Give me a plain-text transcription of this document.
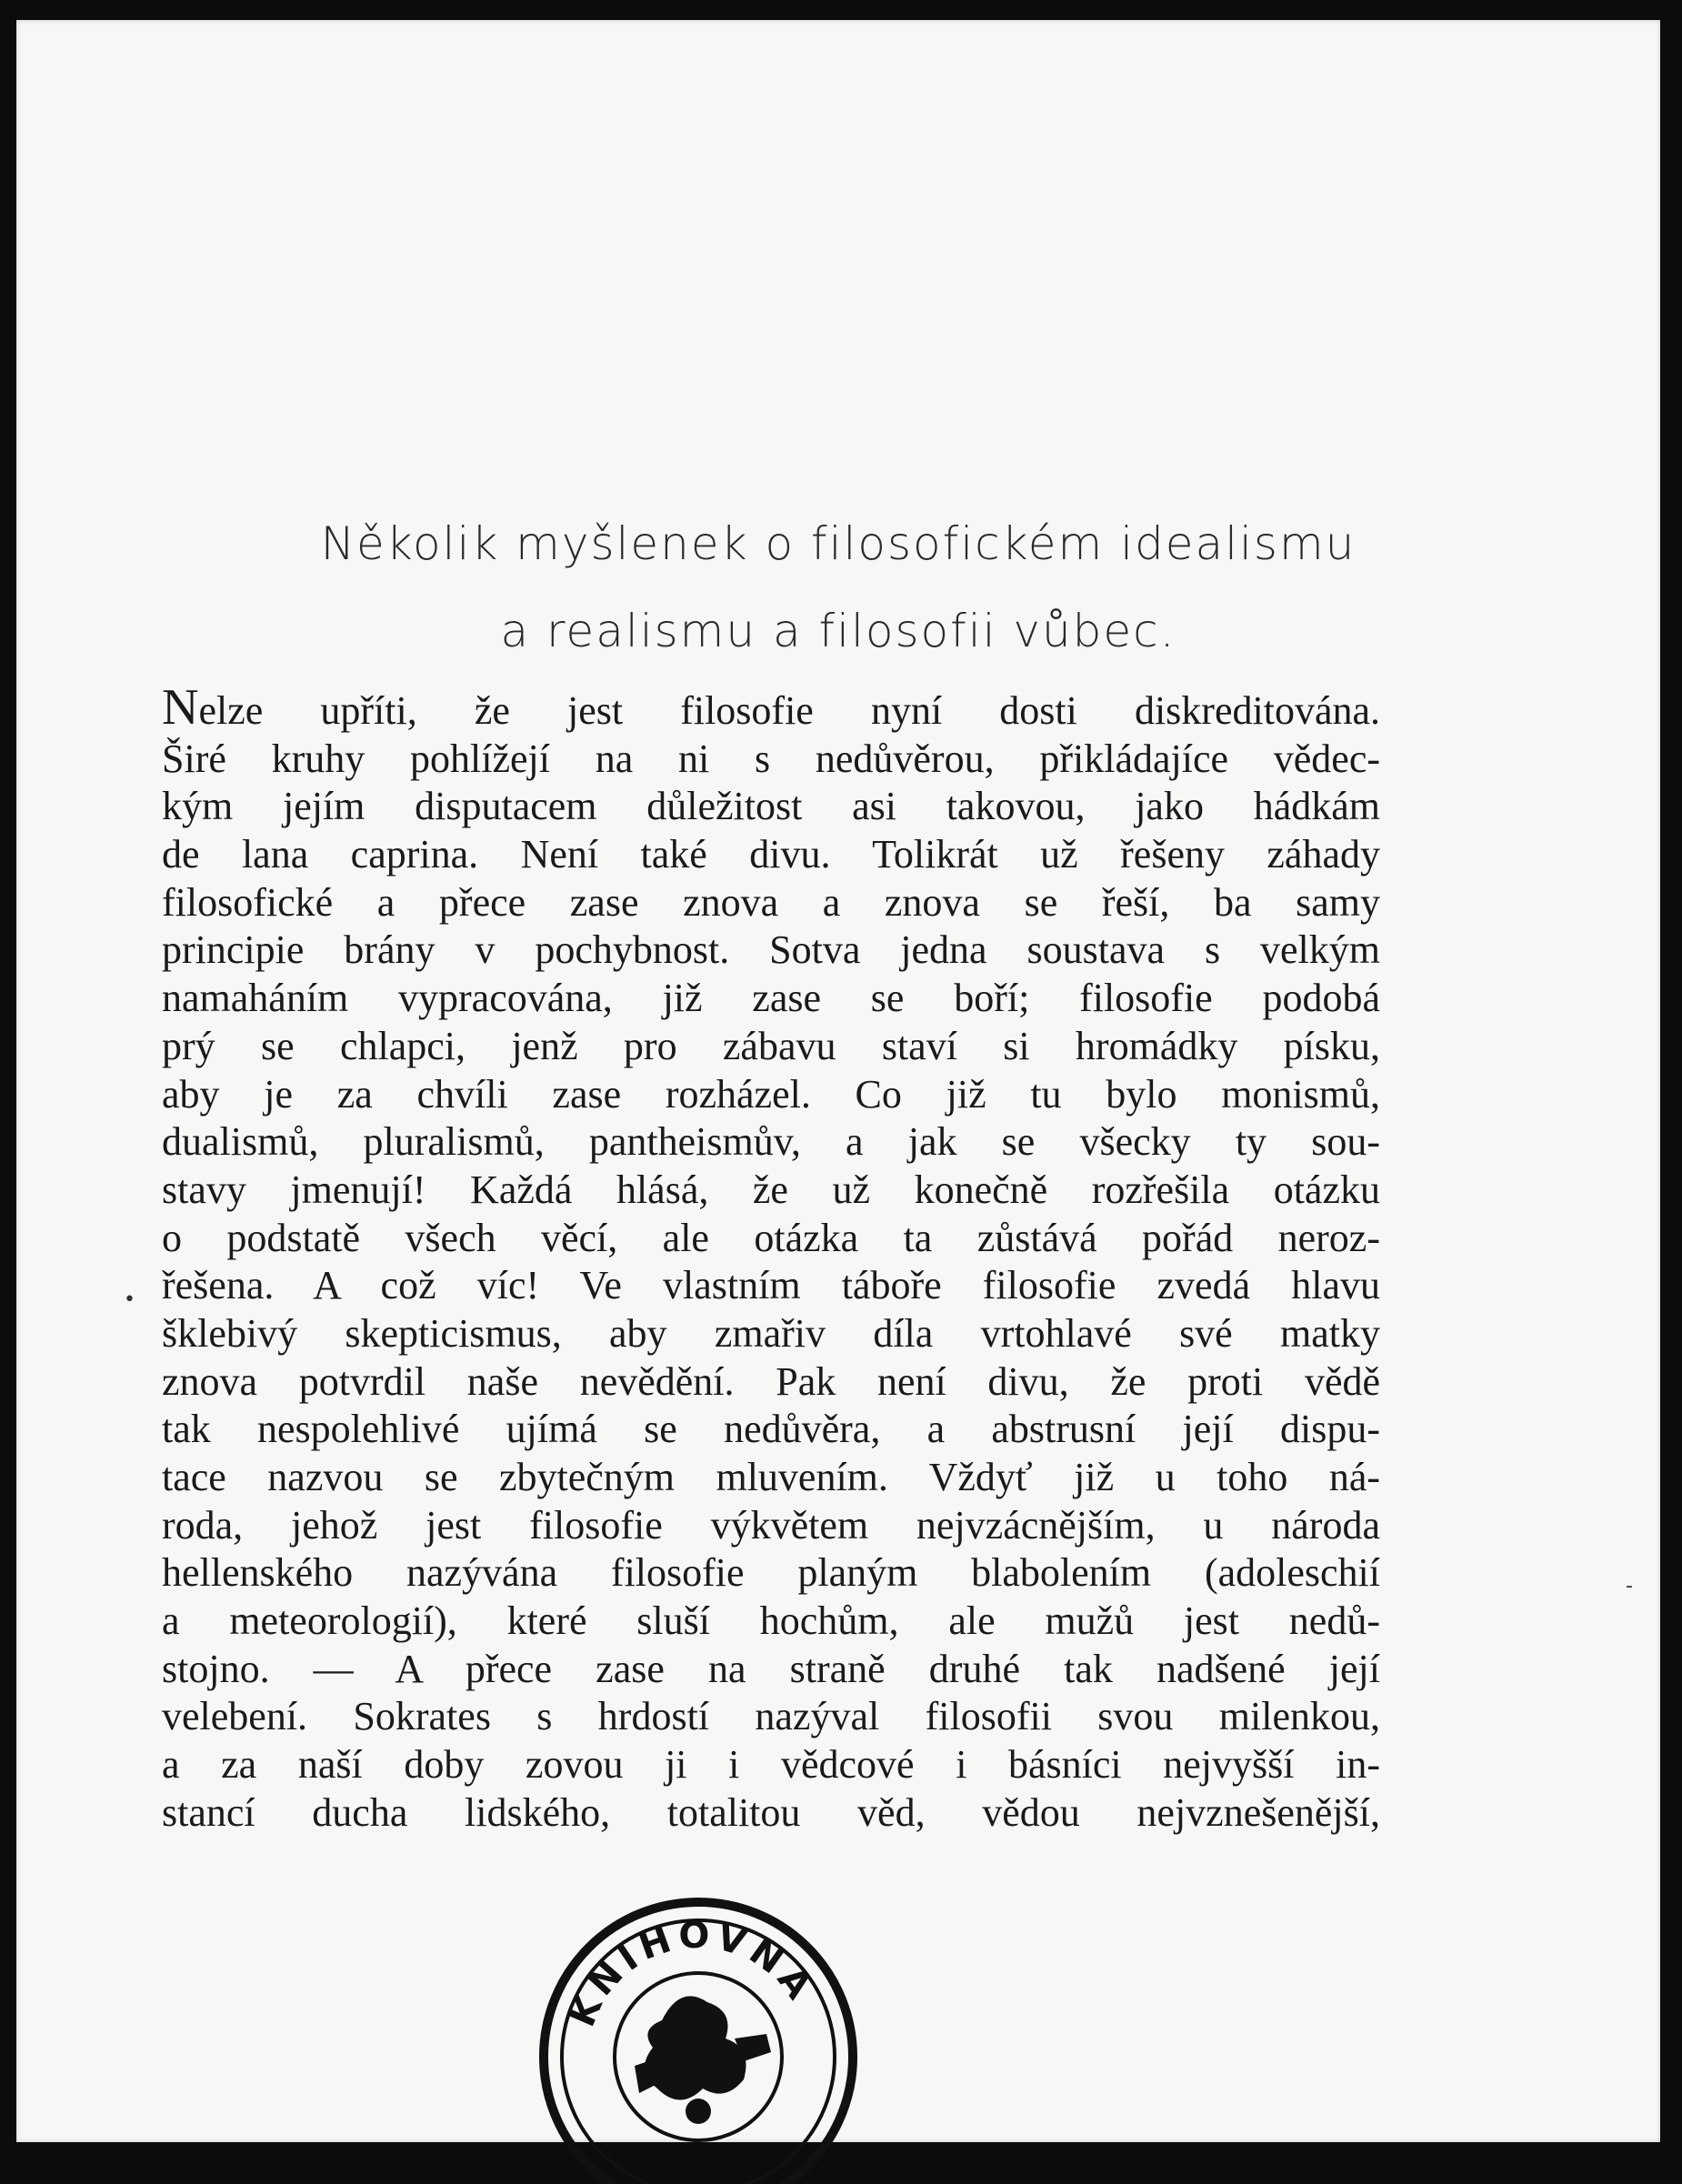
Několik myšlenek o filosofickém idealismu
a realismu a filosofii vůbec.
Nelze upříti, že jest filosofie nyní dosti diskreditována.
Širé kruhy pohlížejí na ni s nedůvěrou, přikládajíce vědec-
kým jejím disputacem důležitost asi takovou, jako hádkám
de lana caprina. Není také divu. Tolikrát už řešeny záhady
filosofické a přece zase znova a znova se řeší, ba samy
principie brány v pochybnost. Sotva jedna soustava s velkým
namaháním vypracována, již zase se boří; filosofie podobá
prý se chlapci, jenž pro zábavu staví si hromádky písku,
aby je za chvíli zase rozházel. Co již tu bylo monismů,
dualismů, pluralismů, pantheismův, a jak se všecky ty sou-
stavy jmenují! Každá hlásá, že už konečně rozřešila otázku
o podstatě všech věcí, ale otázka ta zůstává pořád neroz-
řešena. A což víc! Ve vlastním táboře filosofie zvedá hlavu
šklebivý skepticismus, aby zmařiv díla vrtohlavé své matky
znova potvrdil naše nevědění. Pak není divu, že proti vědě
tak nespolehlivé ujímá se nedůvěra, a abstrusní její dispu-
tace nazvou se zbytečným mluvením. Vždyť již u toho ná-
roda, jehož jest filosofie výkvětem nejvzácnějším, u národa
hellenského nazývána filosofie planým blabolením (adoleschií
a meteorologií), které sluší hochům, ale mužů jest nedů-
stojno. — A přece zase na straně druhé tak nadšené její
velebení. Sokrates s hrdostí nazýval filosofii svou milenkou,
a za naší doby zovou ji i vědcové i básníci nejvyšší in-
stancí ducha lidského, totalitou věd, vědou nejvznešenější,
•
-
KNIHOVNA
